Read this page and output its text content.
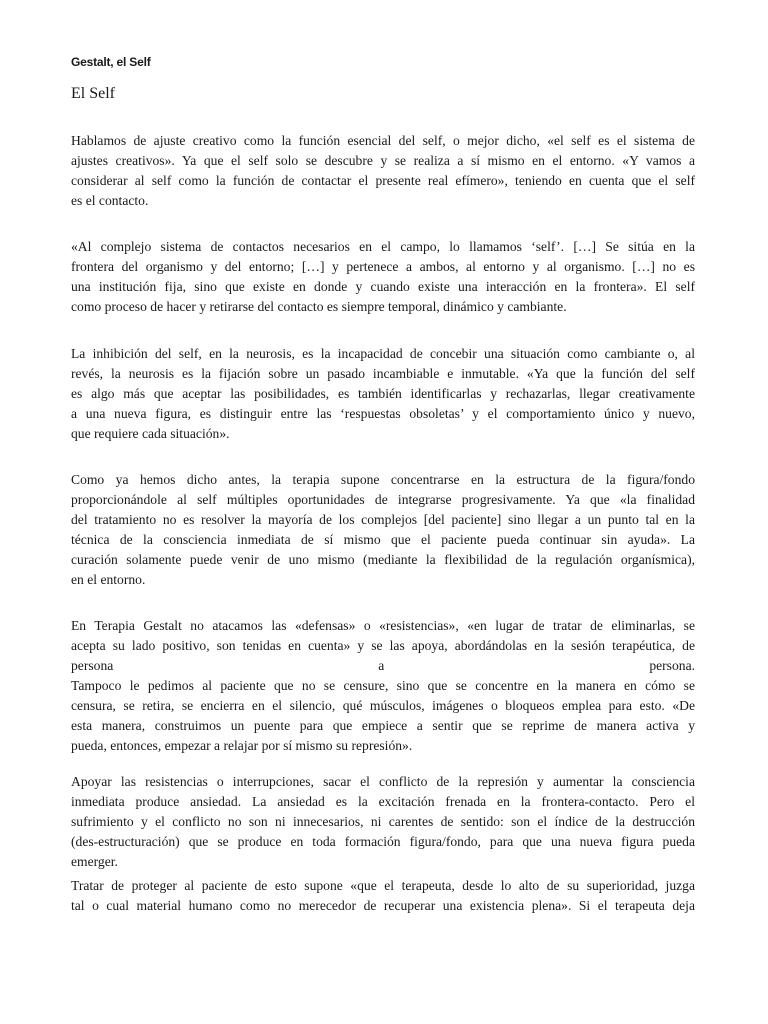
Gestalt, el Self
El Self
Hablamos de ajuste creativo como la función esencial del self, o mejor dicho, «el self es el sistema de
ajustes creativos». Ya que el self solo se descubre y se realiza a sí mismo en el entorno. «Y vamos a
considerar al self como la función de contactar el presente real efímero», teniendo en cuenta que el self
es el contacto.
«Al complejo sistema de contactos necesarios en el campo, lo llamamos ‘self’. […] Se sitúa en la
frontera del organismo y del entorno; […] y pertenece a ambos, al entorno y al organismo. […] no es
una institución fija, sino que existe en donde y cuando existe una interacción en la frontera». El self
como proceso de hacer y retirarse del contacto es siempre temporal, dinámico y cambiante.
La inhibición del self, en la neurosis, es la incapacidad de concebir una situación como cambiante o, al
revés, la neurosis es la fijación sobre un pasado incambiable e inmutable. «Ya que la función del self
es algo más que aceptar las posibilidades, es también identificarlas y rechazarlas, llegar creativamente
a una nueva figura, es distinguir entre las ‘respuestas obsoletas’ y el comportamiento único y nuevo,
que requiere cada situación».
Como ya hemos dicho antes, la terapia supone concentrarse en la estructura de la figura/fondo
proporcionándole al self múltiples oportunidades de integrarse progresivamente. Ya que «la finalidad
del tratamiento no es resolver la mayoría de los complejos [del paciente] sino llegar a un punto tal en la
técnica de la consciencia inmediata de sí mismo que el paciente pueda continuar sin ayuda». La
curación solamente puede venir de uno mismo (mediante la flexibilidad de la regulación organísmica),
en el entorno.
En Terapia Gestalt no atacamos las «defensas» o «resistencias», «en lugar de tratar de eliminarlas, se
acepta su lado positivo, son tenidas en cuenta» y se las apoya, abordándolas en la sesión terapéutica, de
persona a persona.
Tampoco le pedimos al paciente que no se censure, sino que se concentre en la manera en cómo se
censura, se retira, se encierra en el silencio, qué músculos, imágenes o bloqueos emplea para esto. «De
esta manera, construimos un puente para que empiece a sentir que se reprime de manera activa y
pueda, entonces, empezar a relajar por sí mismo su represión».
Apoyar las resistencias o interrupciones, sacar el conflicto de la represión y aumentar la consciencia
inmediata produce ansiedad. La ansiedad es la excitación frenada en la frontera-contacto. Pero el
sufrimiento y el conflicto no son ni innecesarios, ni carentes de sentido: son el índice de la destrucción
(des-estructuración) que se produce en toda formación figura/fondo, para que una nueva figura pueda
emerger.
Tratar de proteger al paciente de esto supone «que el terapeuta, desde lo alto de su superioridad, juzga
tal o cual material humano como no merecedor de recuperar una existencia plena». Si el terapeuta deja
